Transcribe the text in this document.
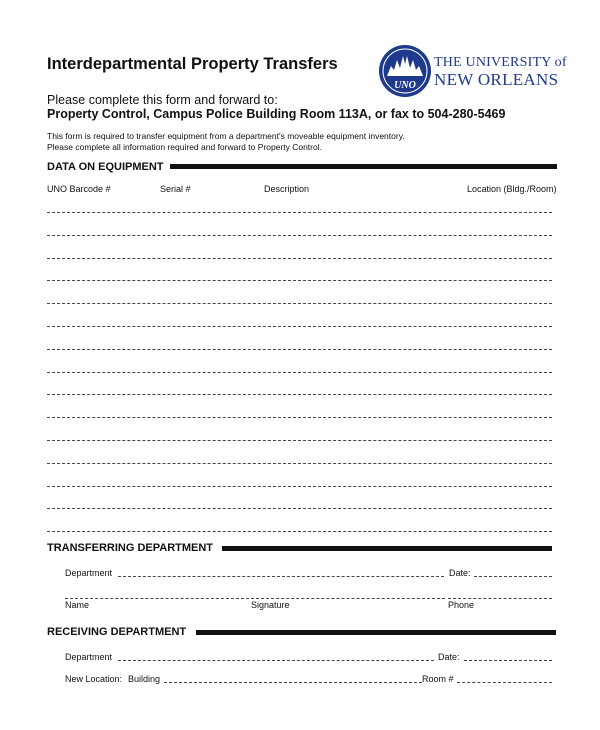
Interdepartmental Property Transfers
UNO
THE UNIVERSITY of
NEW ORLEANS
Please complete this form and forward to:
Property Control, Campus Police Building Room 113A, or fax to 504-280-5469
This form is required to transfer equipment from a department's moveable equipment inventory.
Please complete all information required and forward to Property Control.
DATA ON EQUIPMENT
UNO Barcode #	Serial #	Description	Location (Bldg./Room)
TRANSFERRING DEPARTMENT
Department	Date:
Name	Signature	Phone
RECEIVING DEPARTMENT
Department	Date:
New Location: Building	Room #
